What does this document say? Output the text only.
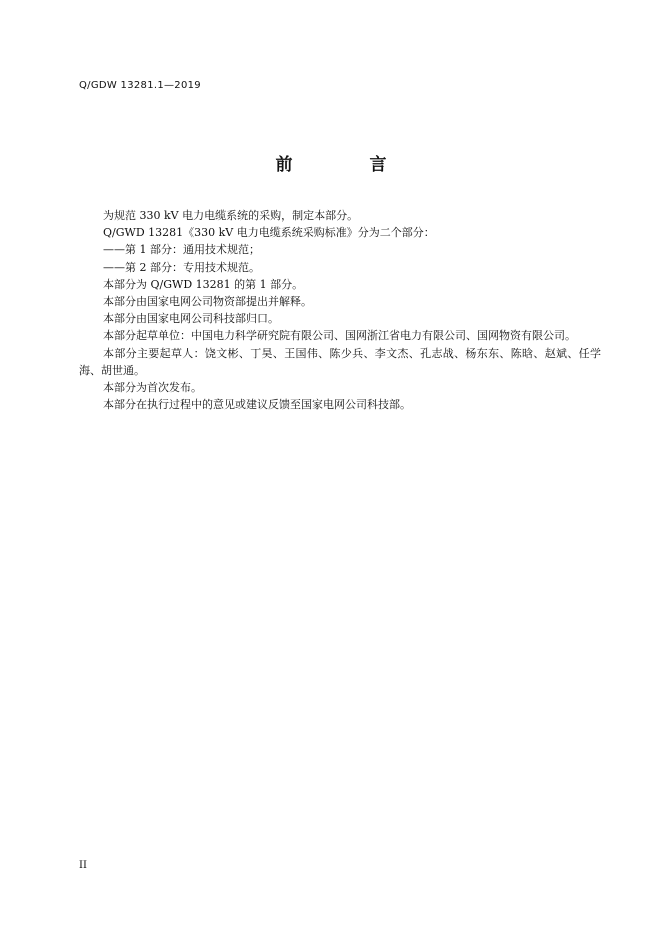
Q/GDW 13281.1—2019
前　言

为规范 330 kV 电力电缆系统的采购，制定本部分。

Q/GWD 13281《330 kV 电力电缆系统采购标准》分为二个部分：

——第 1 部分：通用技术规范；

——第 2 部分：专用技术规范。

本部分为 Q/GWD 13281 的第 1 部分。

本部分由国家电网公司物资部提出并解释。

本部分由国家电网公司科技部归口。

本部分起草单位：中国电力科学研究院有限公司、国网浙江省电力有限公司、国网物资有限公司。

本部分主要起草人：饶文彬、丁昊、王国伟、陈少兵、李文杰、孔志战、杨东东、陈晗、赵斌、任学海、胡世通。

本部分为首次发布。

本部分在执行过程中的意见或建议反馈至国家电网公司科技部。

II
